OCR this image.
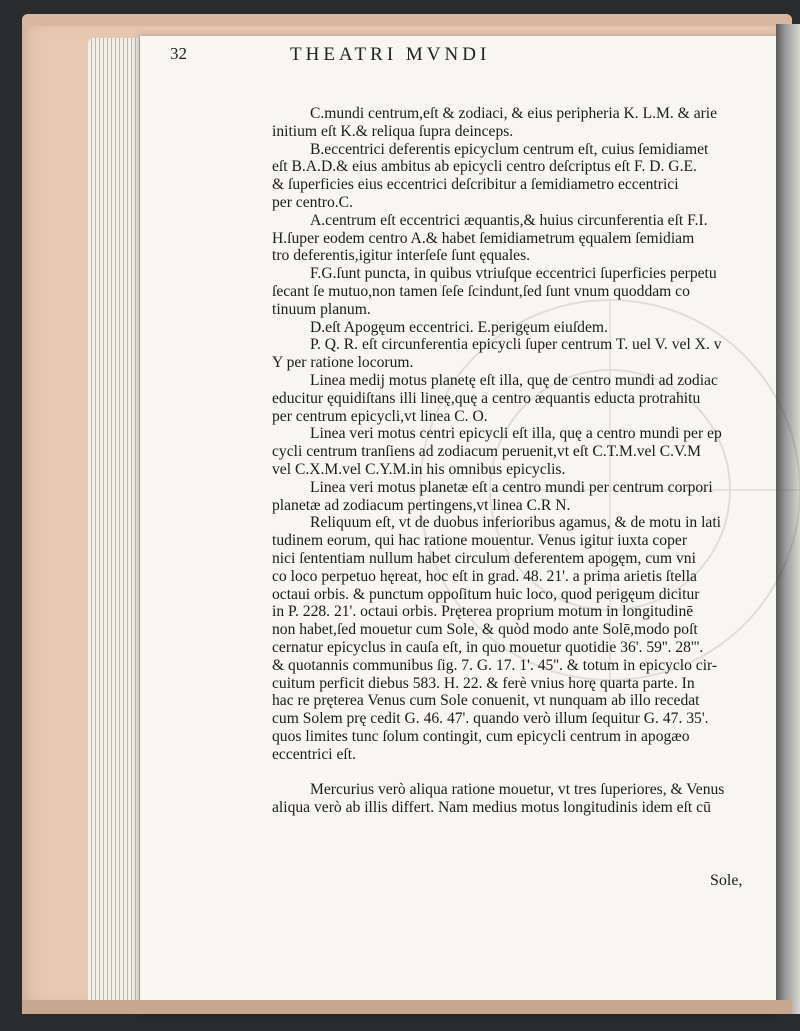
32	THEATRI MVNDI
C.mundi centrum,eſt & zodiaci, & eius peripheria K. L.M. & arie
initium eſt K.& reliqua ſupra deinceps.
B.eccentrici deferentis epicyclum centrum eſt, cuius ſemidiamet
eſt B.A.D.& eius ambitus ab epicycli centro deſcriptus eſt F. D. G.E.
& ſuperficies eius eccentrici deſcribitur a ſemidiametro eccentrici
per centro.C.
A.centrum eſt eccentrici æquantis,& huius circunferentia eſt F.I.
H.ſuper eodem centro A.& habet ſemidiametrum ęqualem ſemidiam
tro deferentis,igitur interſeſe ſunt ęquales.
F.G.ſunt puncta, in quibus vtriuſque eccentrici ſuperficies perpetu
ſecant ſe mutuo,non tamen ſeſe ſcindunt,ſed ſunt vnum quoddam co
tinuum planum.
D.eſt Apogęum eccentrici. E.perigęum eiuſdem.
P. Q. R. eſt circunferentia epicycli ſuper centrum T. uel V. vel X. v
Y per ratione locorum.
Linea medij motus planetę eſt illa, quę de centro mundi ad zodiac
educitur ęquidiſtans illi lineę,quę a centro æquantis educta protrahitu
per centrum epicycli,vt linea C. O.
Linea veri motus centri epicycli eſt illa, quę a centro mundi per ep
cycli centrum tranſiens ad zodiacum peruenit,vt eſt C.T.M.vel C.V.M
vel C.X.M.vel C.Y.M.in his omnibus epicyclis.
Linea veri motus planetæ eſt a centro mundi per centrum corpori
planetæ ad zodiacum pertingens,vt linea C.R N.
Reliquum eſt, vt de duobus inferioribus agamus, & de motu in lati
tudinem eorum, qui hac ratione mouentur. Venus igitur iuxta coper
nici ſententiam nullum habet circulum deferentem apogęm, cum vni
co loco perpetuo hęreat, hoc eſt in grad. 48. 21'. a prima arietis ſtella
octaui orbis. & punctum oppoſitum huic loco, quod perigęum dicitur
in P. 228. 21'. octaui orbis. Pręterea proprium motum in longitudinē
non habet,ſed mouetur cum Sole, & quòd modo ante Solē,modo poſt
cernatur epicyclus in cauſa eſt, in quo mouetur quotidie 36'. 59''. 28'''.
& quotannis communibus ſig. 7. G. 17. 1'. 45''. & totum in epicyclo cir-
cuitum perficit diebus 583. H. 22. & ferè vnius horę quarta parte. In
hac re pręterea Venus cum Sole conuenit, vt nunquam ab illo recedat
cum Solem prę cedit G. 46. 47'. quando verò illum ſequitur G. 47. 35'.
quos limites tunc ſolum contingit, cum epicycli centrum in apogæo
eccentrici eſt.
Mercurius verò aliqua ratione mouetur, vt tres ſuperiores, & Venus
aliqua verò ab illis differt. Nam medius motus longitudinis idem eſt cū
Sole,
